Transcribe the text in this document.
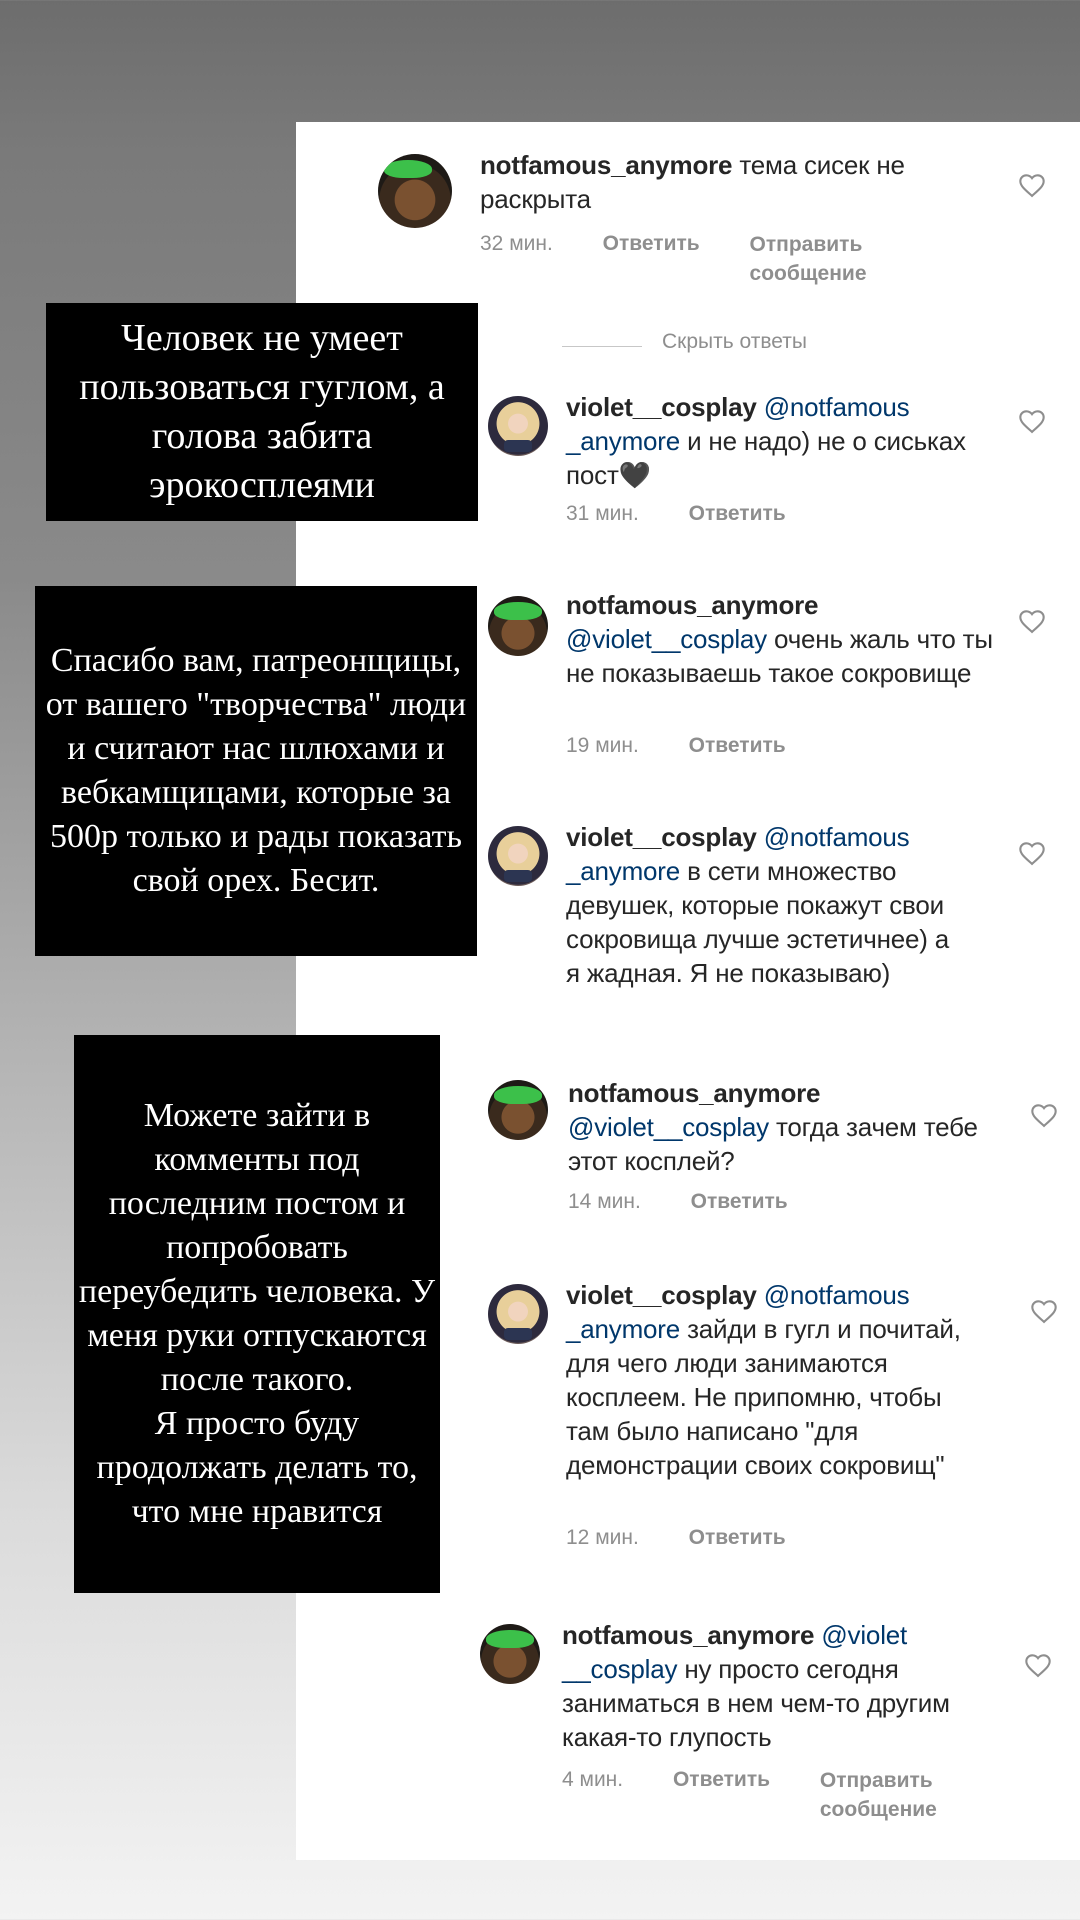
notfamous_anymore тема сисек не раскрыта
32 мин. Ответить Отправить сообщение
Скрыть ответы
violet__cosplay @notfamous _anymore и не надо) не о сиськах пост🖤
31 мин. Ответить
notfamous_anymore
@violet__cosplay очень жаль что ты не показываешь такое сокровище
19 мин. Ответить
violet__cosplay @notfamous _anymore в сети множество девушек, которые покажут свои сокровища лучше эстетичнее) а я жадная. Я не показываю)
notfamous_anymore
@violet__cosplay тогда зачем тебе этот косплей?
14 мин. Ответить
violet__cosplay @notfamous _anymore зайди в гугл и почитай, для чего люди занимаются косплеем. Не припомню, чтобы там было написано "для демонстрации своих сокровищ"
12 мин. Ответить
notfamous_anymore @violet __cosplay ну просто сегодня заниматься в нем чем-то другим какая-то глупость
4 мин. Ответить Отправить сообщение
Человек не умеет пользоваться гуглом, а голова забита эрокосплеями
Спасибо вам, патреонщицы, от вашего "творчества" люди и считают нас шлюхами и вебкамщицами, которые за 500р только и рады показать свой орех. Бесит.
Можете зайти в комменты под последним постом и попробовать переубедить человека. У меня руки отпускаются после такого.
Я просто буду продолжать делать то, что мне нравится
